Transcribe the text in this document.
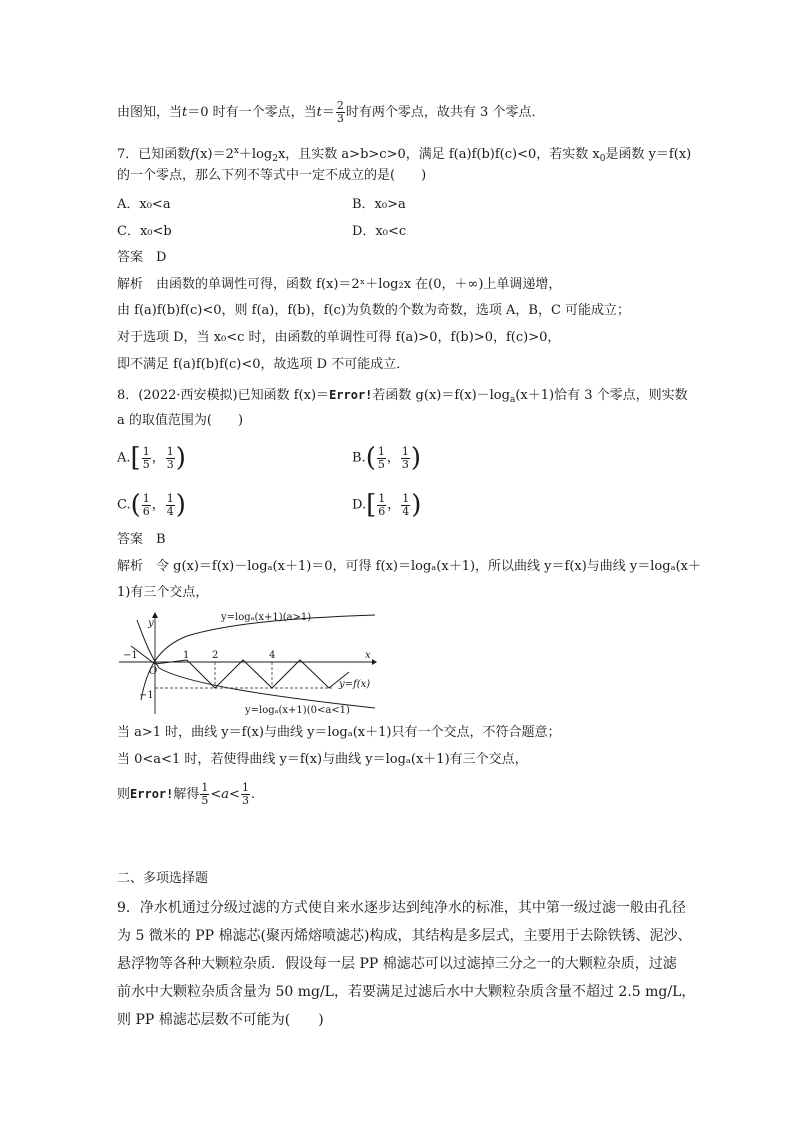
由图知，当t＝0 时有一个零点，当$t= \frac{2}{3}$ 时有两个零点，故共有 3 个零点．
7．已知函数$f(x)=2^x+\log_2x$，且实数 a>b>c>0，满足 f(a)f(b)f(c)<0，若实数 $x_0$是函数 y＝f(x)
的一个零点，那么下列不等式中一定不成立的是(　　)
A．x₀<a	B．x₀>a
C．x₀<b	D．x₀<c
答案　D
解析　由函数的单调性可得，函数 f(x)＝2ˣ＋log₂x 在(0，＋∞)上单调递增，
由 f(a)f(b)f(c)<0，则 f(a)，f(b)，f(c)为负数的个数为奇数，选项 A，B，C 可能成立；
对于选项 D，当 x₀<c 时，由函数的单调性可得 f(a)>0，f(b)>0，f(c)>0，
即不满足 f(a)f(b)f(c)<0，故选项 D 不可能成立．
8．(2022·西安模拟)已知函数 f(x)＝Error!若函数 $g(x)=f(x)-\log_a(x+1)$恰有 3 个零点，则实数
a 的取值范围为(　　)
$A.[ \frac{1}{5}$ ， $\frac{1}{3}$ )	$B.( \frac{1}{5}$ ， $\frac{1}{3}$ )
$C.( \frac{1}{6}$ ， $\frac{1}{4}$ )	$D.[ \frac{1}{6}$ ， $\frac{1}{4}$ )
答案　B
解析　令 g(x)＝f(x)－logₐ(x＋1)＝0，可得 f(x)＝logₐ(x＋1)，所以曲线 y＝f(x)与曲线 y＝logₐ(x＋
1)有三个交点，
y=logₐ(x+1)(a>1)
y=logₐ(x+1)(0<a<1)
y=f(x)
y
x
O
−1	1 2	4
−1
当 a>1 时，曲线 y＝f(x)与曲线 y＝logₐ(x＋1)只有一个交点，不符合题意；
当 0<a<1 时，若使得曲线 y＝f(x)与曲线 y＝logₐ(x＋1)有三个交点，
则Error!解得 $\frac{1}{5} <a< \frac{1}{3}$ .
二、多项选择题
9．净水机通过分级过滤的方式使自来水逐步达到纯净水的标准，其中第一级过滤一般由孔径
为 5 微米的 PP 棉滤芯(聚丙烯熔喷滤芯)构成，其结构是多层式，主要用于去除铁锈、泥沙、
悬浮物等各种大颗粒杂质．假设每一层 PP 棉滤芯可以过滤掉三分之一的大颗粒杂质，过滤
前水中大颗粒杂质含量为 50 mg/L，若要满足过滤后水中大颗粒杂质含量不超过 2.5 mg/L，
则 PP 棉滤芯层数不可能为(　　)
